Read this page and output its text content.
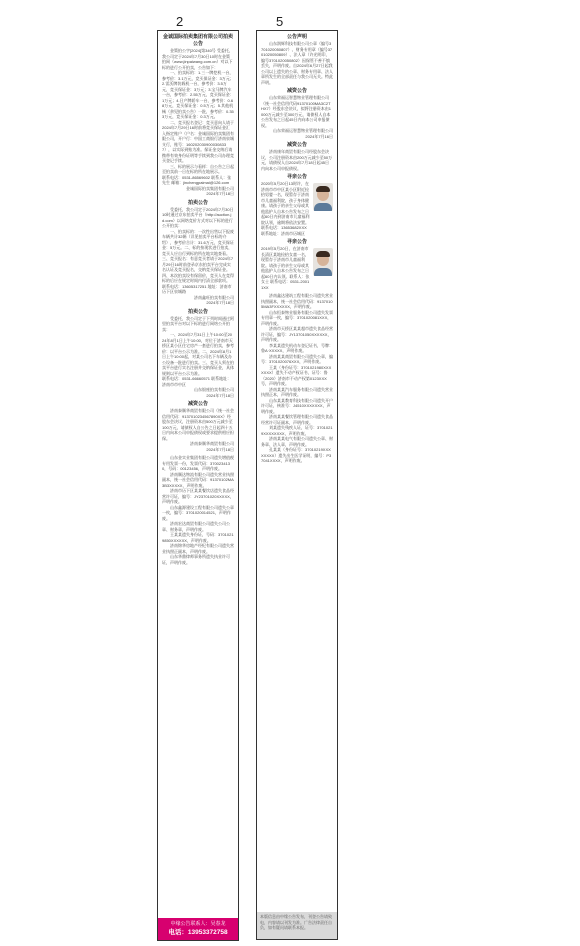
2	5

金诚国际拍卖集团有限公司拍卖公告

金策拍公字[2024]第340号 受委托，我公司定于2024年7月30日10时在金策拍网（www.jinpaiwang.com.cn）对以下标的进行公开拍卖，公告如下：

一、拍卖标的：1.三一牌挖机一台，参考价：3.1万元，竞买保证金：3万元；2.雷沃牌装载机一台，参考价：3.5万元，竞买保证金：3万元；3.宝马牌汽车一台，参考价：2.55万元，竞买保证金：1万元；4.日产牌轿车一台，参考价：0.68万元，竞买保证金：0.5万元；5.其他机械（余见拍卖公告）一批，参考价：0.353万元，竞买保证金：0.3万元。

二、竞买报名登记：竞买意向人请于2024年7月29日16时前将竞买保证金汇入指定账户（户名：金诚国际拍卖集团有限公司，开户行：中国工商银行济南泉城支行，账号：1602020309000308337），以实际到账为准。保证金交纳后请携带有效身份证明等手续到我公司办理竞买登记手续。

三、标的展示与看样：自公告之日起至拍卖前一日在标的所在地展示。

联系电话：0531-86569602 联系人：张先生 邮箱：jinchengpaimai@126.com

金诚国际拍卖集团有限公司

2024年7月18日

拍卖公告

受委托，我公司定于2024年7月30日10时通过京东拍卖平台（http://auction.jd.com）以网络竞价方式对以下标的进行公开拍卖：

一、拍卖标的：一次性出售以下报废车辆共计32辆（详见拍卖平台标的介绍），参考价合计：31.6万元，竞买保证金：5万元。二、标的按现状进行拍卖，竞买人应自行到标的所在地实地查看。三、竞买报名：有意竞买者请于2024年7月29日16时前登录京东拍卖平台完成实名认证及竞买报名，交纳竞买保证金。四、本次拍卖设有保留价，竞买人在竞得标的后应在规定时间内付清全部款项。

联系电话：13605317251 地址：济南市历下区泉城路

济南鑫旺拍卖有限公司

2024年7月18日

拍卖公告

受委托，我公司定于下列时间通过阿里拍卖平台对以下标的进行网络公开拍卖：

一、2024年7月31日上午10:00至2024年8月1日上午10:00，对位于济南市天桥区某小区住宅房产一套进行拍卖，参考价：以平台公示为准。二、2024年8月1日上午10:00起，对某公司名下车辆及办公设备一批进行拍卖。三、竞买人须在拍卖平台进行实名注册并交纳保证金，具体规则以平台公示为准。

联系电话：0531-66660571 联系地址：济南市市中区

山东银座拍卖有限公司

2024年7月18日

减资公告

济南泰顺华商贸有限公司（统一社会信用代码：9137010234567890XX）经股东会决议，注册资本由500万元减少至100万元，请债权人自公告之日起四十五日内向本公司申报债权或要求提供相应担保。

济南泰顺华商贸有限公司

2024年7月18日

山东金实业集团有限公司遗失增值税专用发票一份，发票代码：3700234130，号码：00123456，声明作废。

济南顺达物流有限公司遗失营业执照副本，统一社会信用代码：91370102MA3B3XXXXX，声明作废。

济南市历下区某某餐饮店遗失食品经营许可证，编号：JY23701020XXXXX，声明作废。

山东鑫源建设工程有限公司遗失公章一枚，编号：3701020014521，声明作废。

济南宏达商贸有限公司遗失公司公章、财务章，声明作废。

王某某遗失身份证，号码：37010219850XXXXXX，声明作废。

济南锦华房地产经纪有限公司遗失营业执照正副本，声明作废。

山东华鼎律师事务所遗失执业许可证，声明作废。

中缘公告联系人：吴春龙

电话：13953372758

公告声明

山东润辉科技有限公司公章（编号3701020050807）、财务专用章（编号3701020050809）、法人章（许光明印，编号3701020050802）因保管不善不慎丢失，声明作废。自2024年6月27日起我公司以上遗失的公章、财务专用章、法人章所发生的全部责任与我公司无关。特此声明。

减资公告

山东荣福运智慧物业管理有限公司（统一社会信用代码91370100MA3C2THX7）经股东会决议，拟将注册资本由1000万元减少至300万元，请债权人自本公告发布之日起45日内向本公司申报债权。

山东荣福运智慧物业管理有限公司

2024年7月16日

减资公告

济南康年商贸有限公司经股东会决议，公司注册资本由200万元减少至50万元，请债权人自2024年7月18日起45日内向本公司申报债权。

寻亲公告

2020年5月20日13时许，在济南市市中区某小区附近捡拾男婴一名，现暂存于济南市儿童福利院，孩子身体健康。请孩子的亲生父母或其他监护人自本公告发布之日起60日内到济南市儿童福利院认领，逾期将依法安置。联系电话：13653682XXX 联系地址：济南市历城区

寻亲公告

2019年5月20日，在济南市长清区某地捡拾女童一名，现暂存于济南市儿童福利院。请孩子的亲生父母或其他监护人自本公告发布之日起60日内认领。联系人：张女士 联系电话：0531-20011XX

济南鑫达建筑工程有限公司遗失营业执照副本，统一社会信用代码：91370105MA3FXXXXXX，声明作废。

山东恒泰物业服务有限公司遗失发票专用章一枚，编号：3701020081XXX，声明作废。

济南市天桥区某某超市遗失食品经营许可证，编号：JY13701050XXXXXX，声明作废。

李某某遗失机动车登记证书，号牌：鲁A·XXXXX，声明作废。

济南某某商贸有限公司遗失公章，编号：3701020076XXX，声明作废。

王某（身份证号：3701021980XXXXXXX）遗失不动产权证书，证号：鲁（2020）济南市不动产权第0123XXX号，声明作废。

济南某某汽车服务有限公司遗失营业执照正本，声明作废。

山东某某教育科技有限公司遗失开户许可证，核准号：J4510XXXXXXX，声明作废。

济南某某餐饮管理有限公司遗失食品经营许可证副本，声明作废。

刘某遗失残疾人证，证号：37010219XXXXXXXX，声明作废。

济南某某电气有限公司遗失公章、财务章、法人章，声明作废。

孔某某（身份证号：37010219XXXXXXXX）遗失出生医学证明，编号：P37041XXXX，声明作废。

本版信息由中缘公告发布，刊登公告请致电，内容请以刊发为准。广告法律责任自负，如有疑问请联系本报。
